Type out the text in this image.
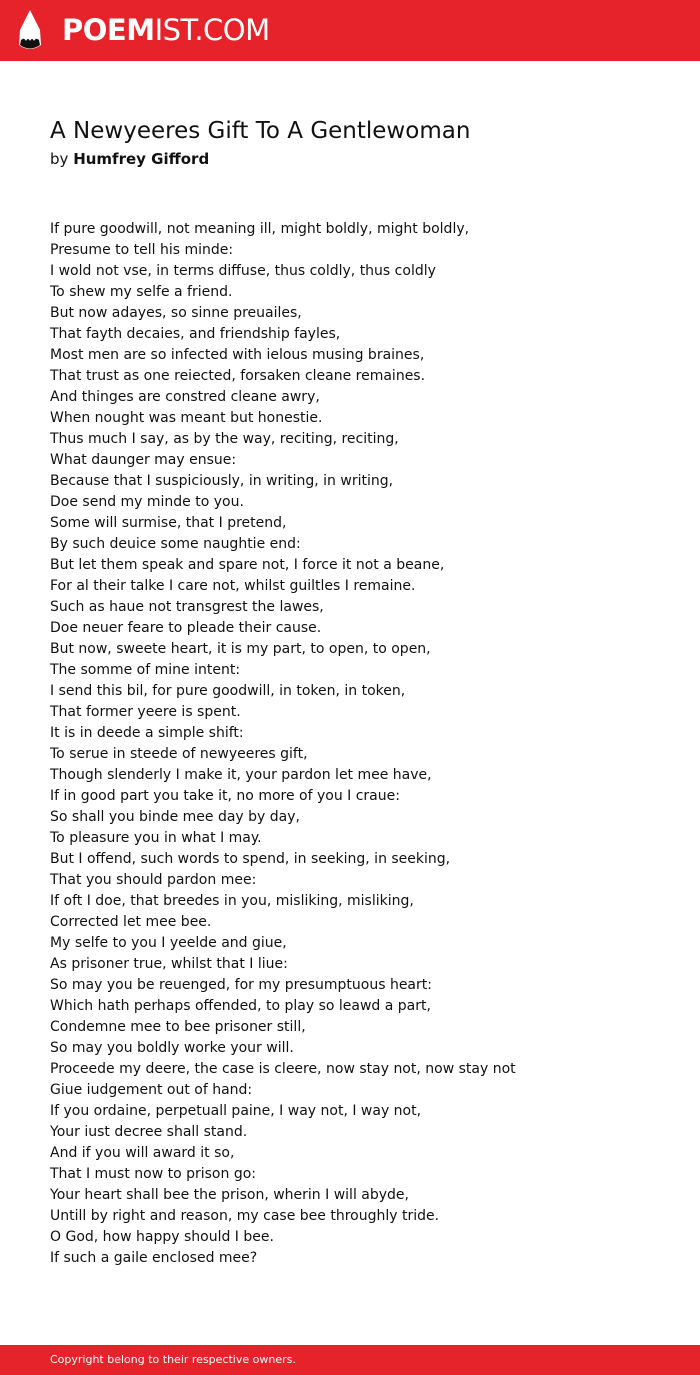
POEMIST.COM
A Newyeeres Gift To A Gentlewoman
by Humfrey Gifford
If pure goodwill, not meaning ill, might boldly, might boldly,
Presume to tell his minde:
I wold not vse, in terms diffuse, thus coldly, thus coldly
To shew my selfe a friend.
But now adayes, so sinne preuailes,
That fayth decaies, and friendship fayles,
Most men are so infected with ielous musing braines,
That trust as one reiected, forsaken cleane remaines.
And thinges are constred cleane awry,
When nought was meant but honestie.
Thus much I say, as by the way, reciting, reciting,
What daunger may ensue:
Because that I suspiciously, in writing, in writing,
Doe send my minde to you.
Some will surmise, that I pretend,
By such deuice some naughtie end:
But let them speak and spare not, I force it not a beane,
For al their talke I care not, whilst guiltles I remaine.
Such as haue not transgrest the lawes,
Doe neuer feare to pleade their cause.
But now, sweete heart, it is my part, to open, to open,
The somme of mine intent:
I send this bil, for pure goodwill, in token, in token,
That former yeere is spent.
It is in deede a simple shift:
To serue in steede of newyeeres gift,
Though slenderly I make it, your pardon let mee have,
If in good part you take it, no more of you I craue:
So shall you binde mee day by day,
To pleasure you in what I may.
But I offend, such words to spend, in seeking, in seeking,
That you should pardon mee:
If oft I doe, that breedes in you, misliking, misliking,
Corrected let mee bee.
My selfe to you I yeelde and giue,
As prisoner true, whilst that I liue:
So may you be reuenged, for my presumptuous heart:
Which hath perhaps offended, to play so leawd a part,
Condemne mee to bee prisoner still,
So may you boldly worke your will.
Proceede my deere, the case is cleere, now stay not, now stay not
Giue iudgement out of hand:
If you ordaine, perpetuall paine, I way not, I way not,
Your iust decree shall stand.
And if you will award it so,
That I must now to prison go:
Your heart shall bee the prison, wherin I will abyde,
Untill by right and reason, my case bee throughly tride.
O God, how happy should I bee.
If such a gaile enclosed mee?
Copyright belong to their respective owners.
